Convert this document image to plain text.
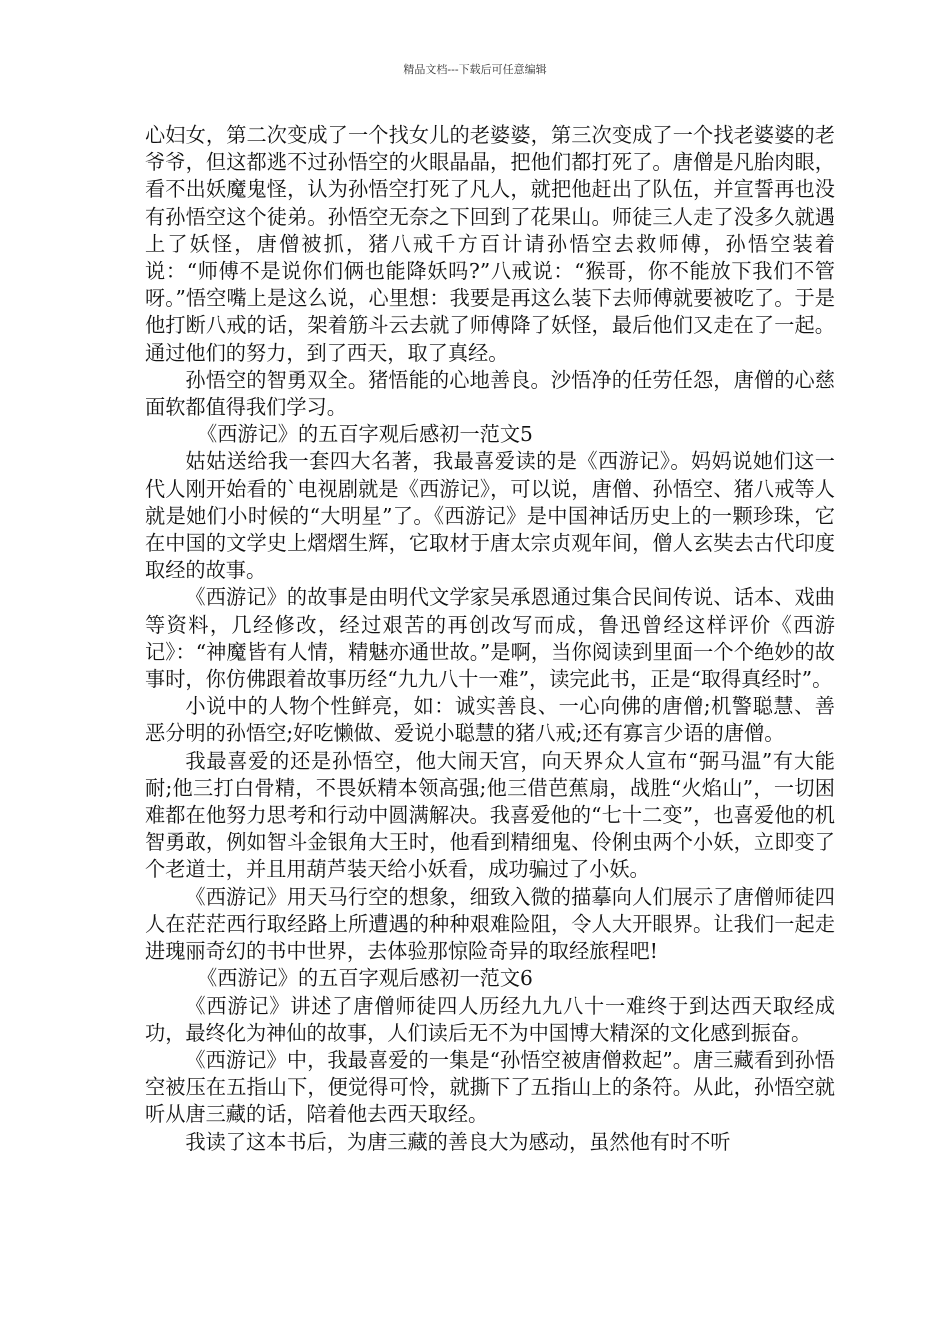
精品文档---下载后可任意编辑

心妇女，第二次变成了一个找女儿的老婆婆，第三次变成了一个找老婆婆的老爷爷，但这都逃不过孙悟空的火眼晶晶，把他们都打死了。唐僧是凡胎肉眼，看不出妖魔鬼怪，认为孙悟空打死了凡人，就把他赶出了队伍，并宣誓再也没有孙悟空这个徒弟。孙悟空无奈之下回到了花果山。师徒三人走了没多久就遇上了妖怪，唐僧被抓，猪八戒千方百计请孙悟空去救师傅，孙悟空装着说：“师傅不是说你们俩也能降妖吗?”八戒说：“猴哥，你不能放下我们不管呀。”悟空嘴上是这么说，心里想：我要是再这么装下去师傅就要被吃了。于是他打断八戒的话，架着筋斗云去就了师傅降了妖怪，最后他们又走在了一起。通过他们的努力，到了西天，取了真经。

孙悟空的智勇双全。猪悟能的心地善良。沙悟净的任劳任怨，唐僧的心慈面软都值得我们学习。

《西游记》的五百字观后感初一范文5

姑姑送给我一套四大名著，我最喜爱读的是《西游记》。妈妈说她们这一代人刚开始看的`电视剧就是《西游记》，可以说，唐僧、孙悟空、猪八戒等人就是她们小时候的“大明星”了。《西游记》是中国神话历史上的一颗珍珠，它在中国的文学史上熠熠生辉，它取材于唐太宗贞观年间，僧人玄奘去古代印度取经的故事。

《西游记》的故事是由明代文学家吴承恩通过集合民间传说、话本、戏曲等资料，几经修改，经过艰苦的再创改写而成，鲁迅曾经这样评价《西游记》：“神魔皆有人情，精魅亦通世故。”是啊，当你阅读到里面一个个绝妙的故事时，你仿佛跟着故事历经“九九八十一难”，读完此书，正是“取得真经时”。

小说中的人物个性鲜亮，如：诚实善良、一心向佛的唐僧;机警聪慧、善恶分明的孙悟空;好吃懒做、爱说小聪慧的猪八戒;还有寡言少语的唐僧。

我最喜爱的还是孙悟空，他大闹天宫，向天界众人宣布“弼马温”有大能耐;他三打白骨精，不畏妖精本领高强;他三借芭蕉扇，战胜“火焰山”，一切困难都在他努力思考和行动中圆满解决。我喜爱他的“七十二变”，也喜爱他的机智勇敢，例如智斗金银角大王时，他看到精细鬼、伶俐虫两个小妖，立即变了个老道士，并且用葫芦装天给小妖看，成功骗过了小妖。

《西游记》用天马行空的想象，细致入微的描摹向人们展示了唐僧师徒四人在茫茫西行取经路上所遭遇的种种艰难险阻，令人大开眼界。让我们一起走进瑰丽奇幻的书中世界，去体验那惊险奇异的取经旅程吧!

《西游记》的五百字观后感初一范文6

《西游记》讲述了唐僧师徒四人历经九九八十一难终于到达西天取经成功，最终化为神仙的故事，人们读后无不为中国博大精深的文化感到振奋。

《西游记》中，我最喜爱的一集是“孙悟空被唐僧救起”。唐三藏看到孙悟空被压在五指山下，便觉得可怜，就撕下了五指山上的条符。从此，孙悟空就听从唐三藏的话，陪着他去西天取经。

我读了这本书后，为唐三藏的善良大为感动，虽然他有时不听
